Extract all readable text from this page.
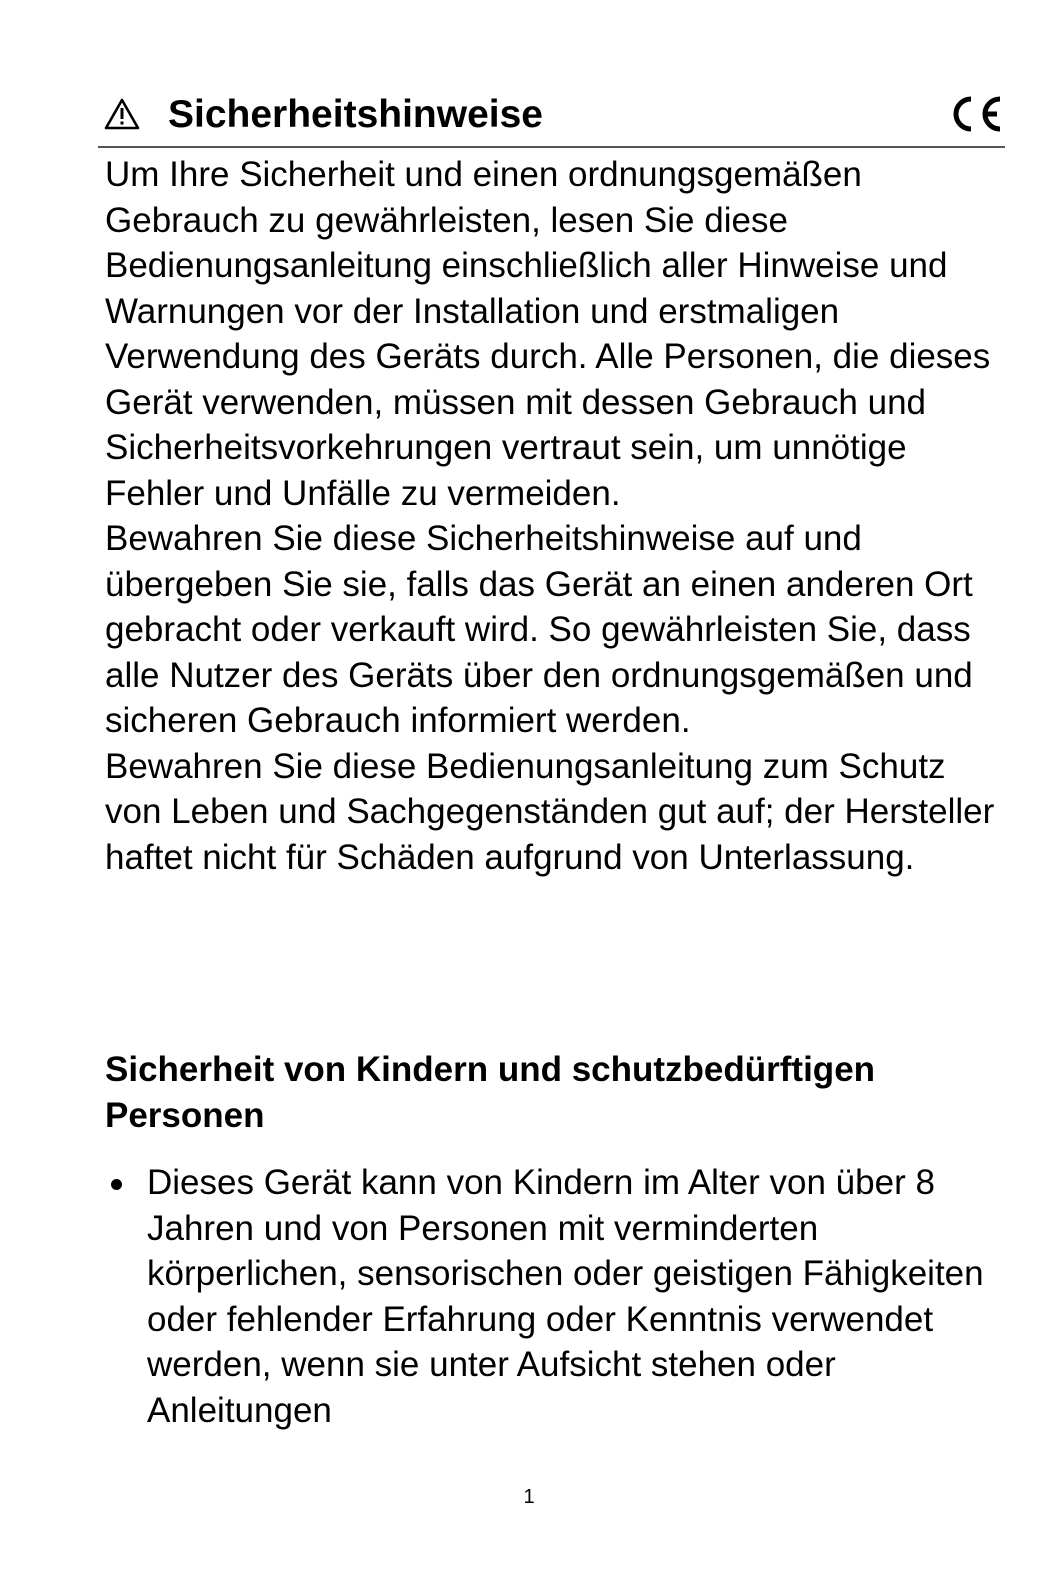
Sicherheitshinweise

Um Ihre Sicherheit und einen ordnungsgemäßen Gebrauch zu gewährleisten, lesen Sie diese Bedienungsanleitung einschließlich aller Hinweise und Warnungen vor der Installation und erstmaligen Verwendung des Geräts durch. Alle Personen, die dieses Gerät verwenden, müssen mit dessen Gebrauch und Sicherheitsvorkehrungen vertraut sein, um unnötige Fehler und Unfälle zu vermeiden.

Bewahren Sie diese Sicherheitshinweise auf und übergeben Sie sie, falls das Gerät an einen anderen Ort gebracht oder verkauft wird. So gewährleisten Sie, dass alle Nutzer des Geräts über den ordnungsgemäßen und sicheren Gebrauch informiert werden.

Bewahren Sie diese Bedienungsanleitung zum Schutz von Leben und Sachgegenständen gut auf; der Hersteller haftet nicht für Schäden aufgrund von Unterlassung.

Sicherheit von Kindern und schutzbedürftigen Personen
Dieses Gerät kann von Kindern im Alter von über 8 Jahren und von Personen mit verminderten körperlichen, sensorischen oder geistigen Fähigkeiten oder fehlender Erfahrung oder Kenntnis verwendet werden, wenn sie unter Aufsicht stehen oder Anleitungen
1
